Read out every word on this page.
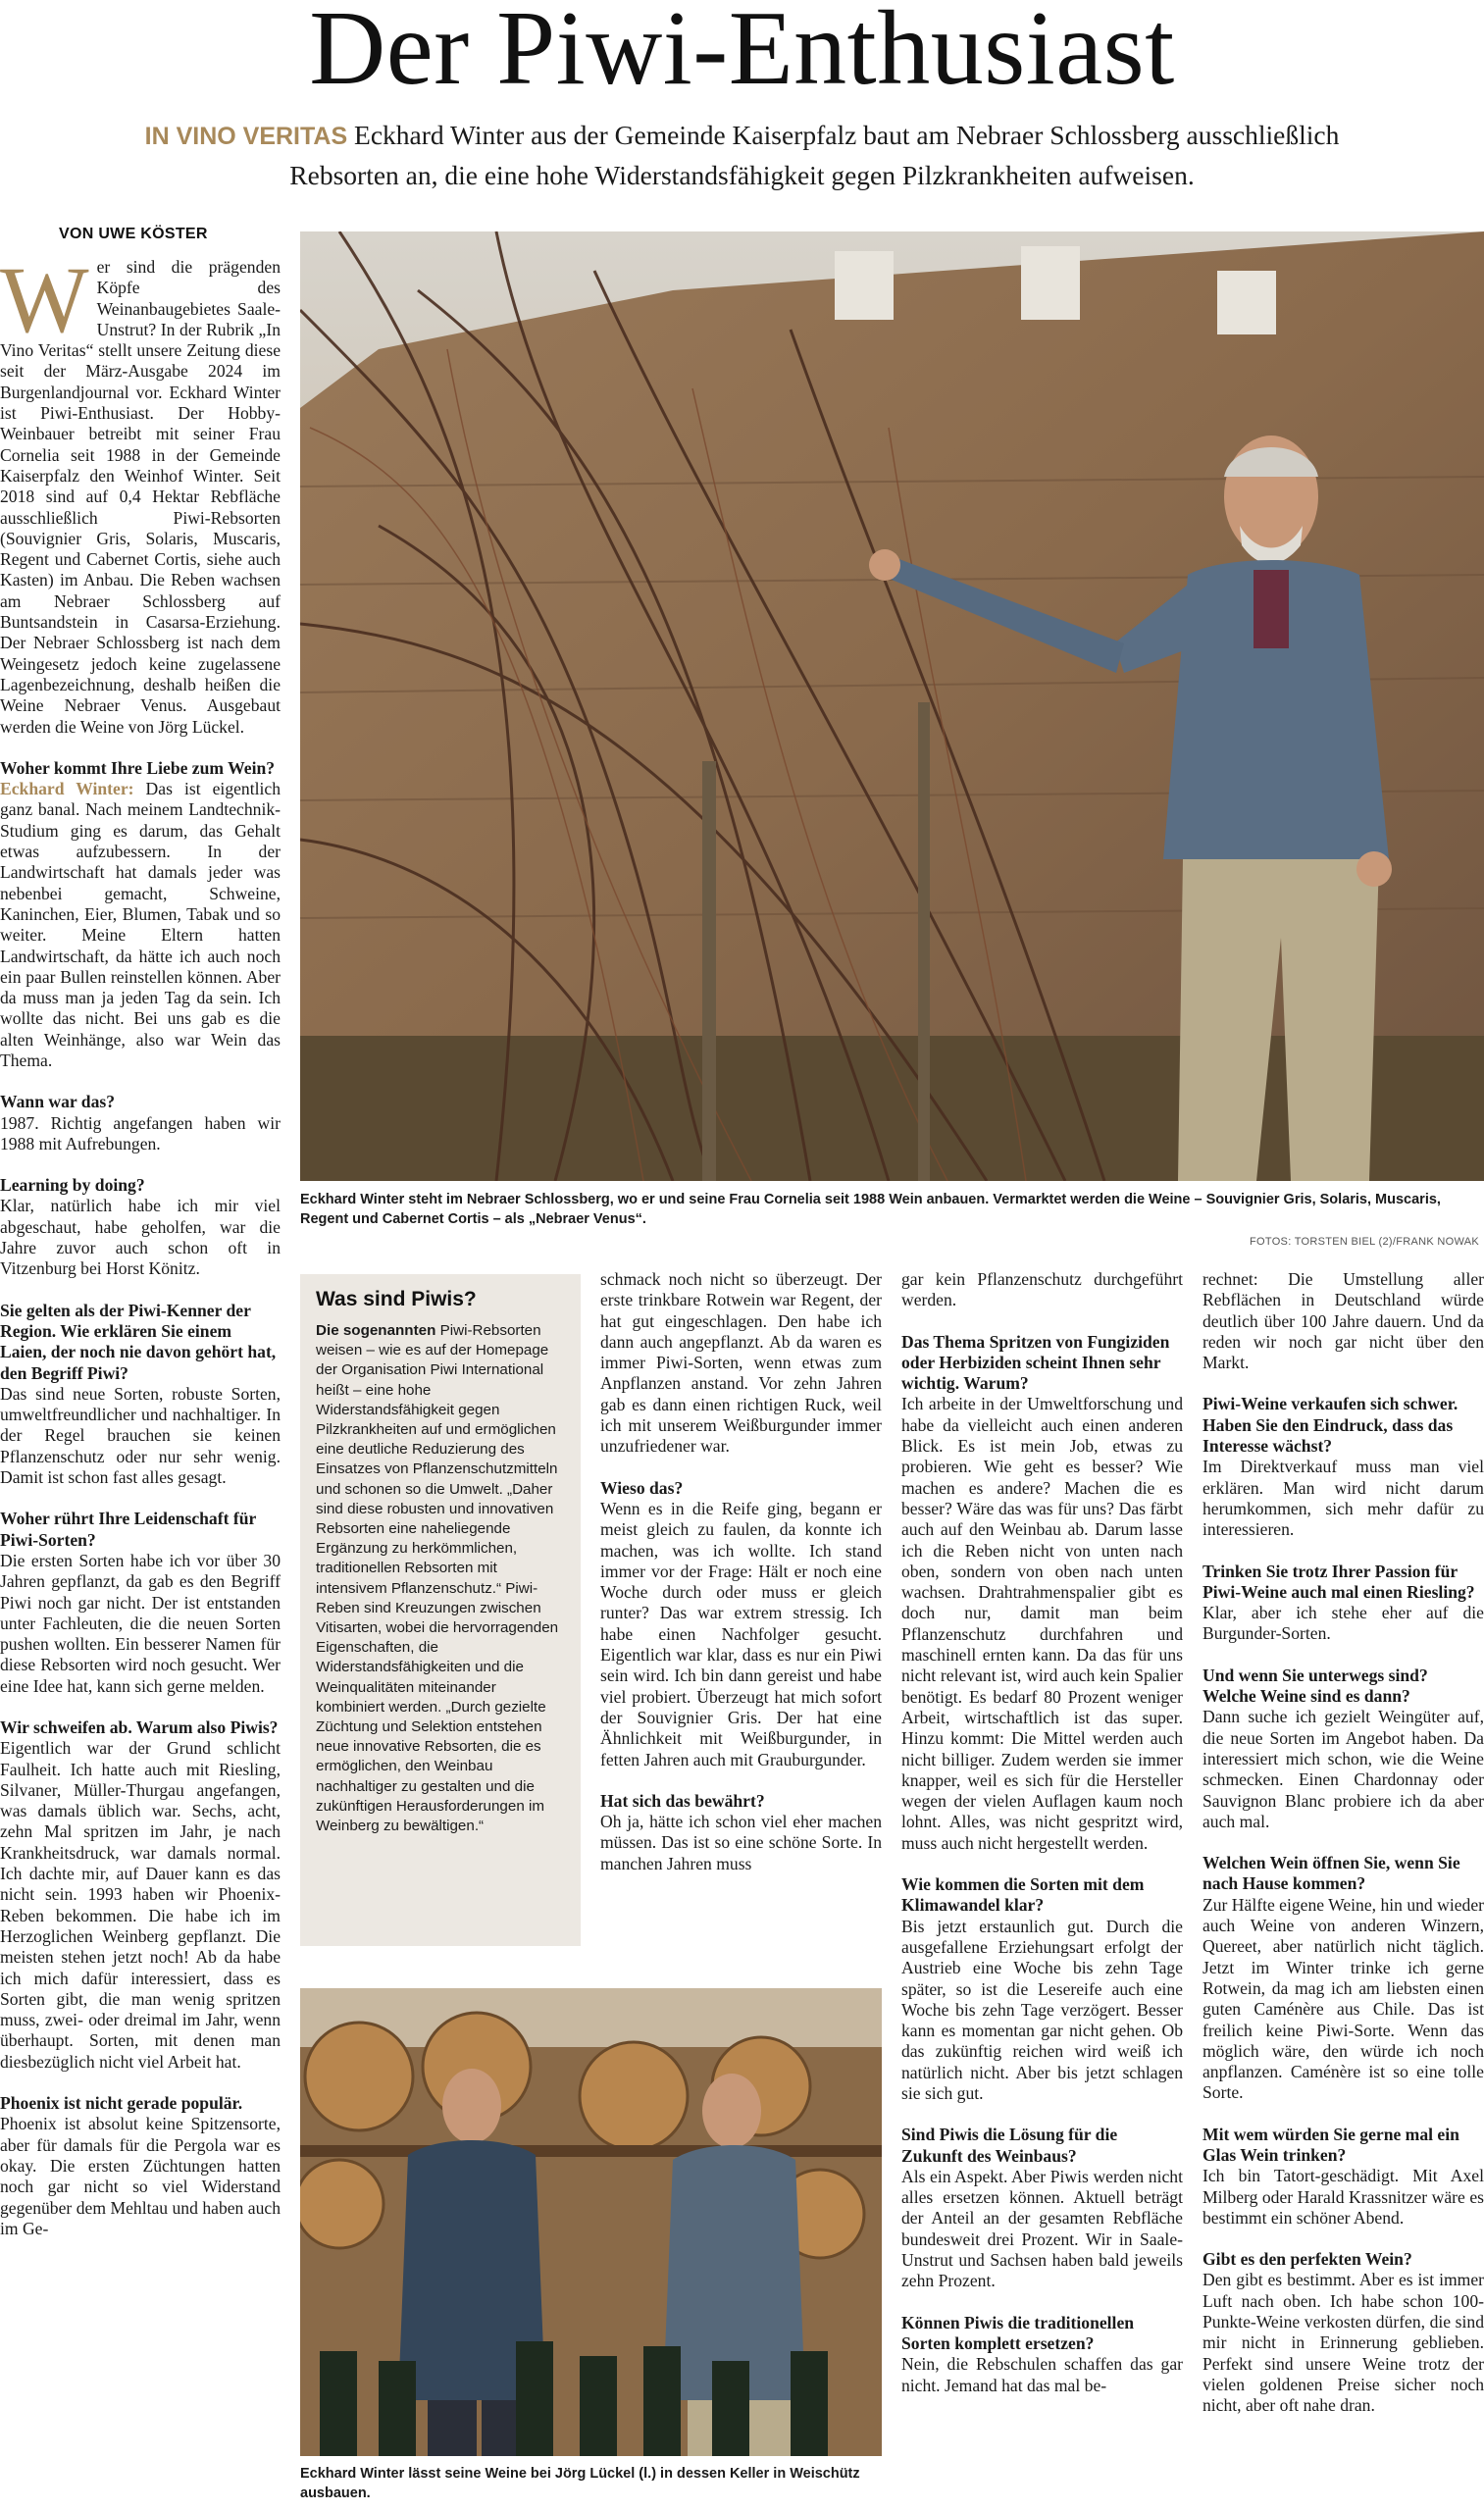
Der Piwi-Enthusiast
IN VINO VERITAS Eckhard Winter aus der Gemeinde Kaiserpfalz baut am Nebraer Schlossberg ausschließlich Rebsorten an, die eine hohe Widerstandsfähigkeit gegen Pilzkrankheiten aufweisen.
VON UWE KÖSTER

Wer sind die prägenden Köpfe des Weinanbaugebietes Saale-Unstrut? In der Rubrik „In Vino Veritas“ stellt unsere Zeitung diese seit der März-Ausgabe 2024 im Burgenlandjournal vor. Eckhard Winter ist Piwi-Enthusiast. Der Hobby-Weinbauer betreibt mit seiner Frau Cornelia seit 1988 in der Gemeinde Kaiserpfalz den Weinhof Winter. Seit 2018 sind auf 0,4 Hektar Rebfläche ausschließlich Piwi-Rebsorten (Souvignier Gris, Solaris, Muscaris, Regent und Cabernet Cortis, siehe auch Kasten) im Anbau. Die Reben wachsen am Nebraer Schlossberg auf Buntsandstein in Casarsa-Erziehung. Der Nebraer Schlossberg ist nach dem Weingesetz jedoch keine zugelassene Lagenbezeichnung, deshalb heißen die Weine Nebraer Venus. Ausgebaut werden die Weine von Jörg Lückel.

Woher kommt Ihre Liebe zum Wein?

Eckhard Winter: Das ist eigentlich ganz banal. Nach meinem Landtechnik-Studium ging es darum, das Gehalt etwas aufzubessern. In der Landwirtschaft hat damals jeder was nebenbei gemacht, Schweine, Kaninchen, Eier, Blumen, Tabak und so weiter. Meine Eltern hatten Landwirtschaft, da hätte ich auch noch ein paar Bullen reinstellen können. Aber da muss man ja jeden Tag da sein. Ich wollte das nicht. Bei uns gab es die alten Weinhänge, also war Wein das Thema.

Wann war das?

1987. Richtig angefangen haben wir 1988 mit Aufrebungen.

Learning by doing?

Klar, natürlich habe ich mir viel abgeschaut, habe geholfen, war die Jahre zuvor auch schon oft in Vitzenburg bei Horst Könitz.

Sie gelten als der Piwi-Kenner der Region. Wie erklären Sie einem Laien, der noch nie davon gehört hat, den Begriff Piwi?

Das sind neue Sorten, robuste Sorten, umweltfreundlicher und nachhaltiger. In der Regel brauchen sie keinen Pflanzenschutz oder nur sehr wenig. Damit ist schon fast alles gesagt.

Woher rührt Ihre Leidenschaft für Piwi-Sorten?

Die ersten Sorten habe ich vor über 30 Jahren gepflanzt, da gab es den Begriff Piwi noch gar nicht. Der ist entstanden unter Fachleuten, die die neuen Sorten pushen wollten. Ein besserer Namen für diese Rebsorten wird noch gesucht. Wer eine Idee hat, kann sich gerne melden.

Wir schweifen ab. Warum also Piwis?

Eigentlich war der Grund schlicht Faulheit. Ich hatte auch mit Riesling, Silvaner, Müller-Thurgau angefangen, was damals üblich war. Sechs, acht, zehn Mal spritzen im Jahr, je nach Krankheitsdruck, war damals normal. Ich dachte mir, auf Dauer kann es das nicht sein. 1993 haben wir Phoenix-Reben bekommen. Die habe ich im Herzoglichen Weinberg gepflanzt. Die meisten stehen jetzt noch! Ab da habe ich mich dafür interessiert, dass es Sorten gibt, die man wenig spritzen muss, zwei- oder dreimal im Jahr, wenn überhaupt. Sorten, mit denen man diesbezüglich nicht viel Arbeit hat.

Phoenix ist nicht gerade populär.

Phoenix ist absolut keine Spitzensorte, aber für damals für die Pergola war es okay. Die ersten Züchtungen hatten noch gar nicht so viel Widerstand gegenüber dem Mehltau und haben auch im Ge-

Eckhard Winter steht im Nebraer Schlossberg, wo er und seine Frau Cornelia seit 1988 Wein anbauen. Vermarktet werden die Weine – Souvignier Gris, Solaris, Muscaris, Regent und Cabernet Cortis – als „Nebraer Venus“.
FOTOS: TORSTEN BIEL (2)/FRANK NOWAK
Was sind Piwis?

Die sogenannten Piwi-Rebsorten weisen – wie es auf der Homepage der Organisation Piwi International heißt – eine hohe Widerstandsfähigkeit gegen Pilzkrankheiten auf und ermöglichen eine deutliche Reduzierung des Einsatzes von Pflanzenschutzmitteln und schonen so die Umwelt. „Daher sind diese robusten und innovativen Rebsorten eine naheliegende Ergänzung zu herkömmlichen, traditionellen Rebsorten mit intensivem Pflanzenschutz.“ Piwi-Reben sind Kreuzungen zwischen Vitisarten, wobei die hervorragenden Eigenschaften, die Widerstandsfähigkeiten und die Weinqualitäten miteinander kombiniert werden. „Durch gezielte Züchtung und Selektion entstehen neue innovative Rebsorten, die es ermöglichen, den Weinbau nachhaltiger zu gestalten und die zukünftigen Herausforderungen im Weinberg zu bewältigen.“

schmack noch nicht so überzeugt. Der erste trinkbare Rotwein war Regent, der hat gut eingeschlagen. Den habe ich dann auch angepflanzt. Ab da waren es immer Piwi-Sorten, wenn etwas zum Anpflanzen anstand. Vor zehn Jahren gab es dann einen richtigen Ruck, weil ich mit unserem Weißburgunder immer unzufriedener war.

Wieso das?

Wenn es in die Reife ging, begann er meist gleich zu faulen, da konnte ich machen, was ich wollte. Ich stand immer vor der Frage: Hält er noch eine Woche durch oder muss er gleich runter? Das war extrem stressig. Ich habe einen Nachfolger gesucht. Eigentlich war klar, dass es nur ein Piwi sein wird. Ich bin dann gereist und habe viel probiert. Überzeugt hat mich sofort der Souvignier Gris. Der hat eine Ähnlichkeit mit Weißburgunder, in fetten Jahren auch mit Grauburgunder.

Hat sich das bewährt?

Oh ja, hätte ich schon viel eher machen müssen. Das ist so eine schöne Sorte. In manchen Jahren muss

Eckhard Winter lässt seine Weine bei Jörg Lückel (l.) in dessen Keller in Weischütz ausbauen.

gar kein Pflanzenschutz durchgeführt werden.

Das Thema Spritzen von Fungiziden oder Herbiziden scheint Ihnen sehr wichtig. Warum?

Ich arbeite in der Umweltforschung und habe da vielleicht auch einen anderen Blick. Es ist mein Job, etwas zu probieren. Wie geht es besser? Wie machen es andere? Machen die es besser? Wäre das was für uns? Das färbt auch auf den Weinbau ab. Darum lasse ich die Reben nicht von unten nach oben, sondern von oben nach unten wachsen. Drahtrahmenspalier gibt es doch nur, damit man beim Pflanzenschutz durchfahren und maschinell ernten kann. Da das für uns nicht relevant ist, wird auch kein Spalier benötigt. Es bedarf 80 Prozent weniger Arbeit, wirtschaftlich ist das super. Hinzu kommt: Die Mittel werden auch nicht billiger. Zudem werden sie immer knapper, weil es sich für die Hersteller wegen der vielen Auflagen kaum noch lohnt. Alles, was nicht gespritzt wird, muss auch nicht hergestellt werden.

Wie kommen die Sorten mit dem Klimawandel klar?

Bis jetzt erstaunlich gut. Durch die ausgefallene Erziehungsart erfolgt der Austrieb eine Woche bis zehn Tage später, so ist die Lesereife auch eine Woche bis zehn Tage verzögert. Besser kann es momentan gar nicht gehen. Ob das zukünftig reichen wird weiß ich natürlich nicht. Aber bis jetzt schlagen sie sich gut.

Sind Piwis die Lösung für die Zukunft des Weinbaus?

Als ein Aspekt. Aber Piwis werden nicht alles ersetzen können. Aktuell beträgt der Anteil an der gesamten Rebfläche bundesweit drei Prozent. Wir in Saale-Unstrut und Sachsen haben bald jeweils zehn Prozent.

Können Piwis die traditionellen Sorten komplett ersetzen?

Nein, die Rebschulen schaffen das gar nicht. Jemand hat das mal be-

rechnet: Die Umstellung aller Rebflächen in Deutschland würde deutlich über 100 Jahre dauern. Und da reden wir noch gar nicht über den Markt.

Piwi-Weine verkaufen sich schwer. Haben Sie den Eindruck, dass das Interesse wächst?

Im Direktverkauf muss man viel erklären. Man wird nicht darum herumkommen, sich mehr dafür zu interessieren.

Trinken Sie trotz Ihrer Passion für Piwi-Weine auch mal einen Riesling?

Klar, aber ich stehe eher auf die Burgunder-Sorten.

Und wenn Sie unterwegs sind? Welche Weine sind es dann?

Dann suche ich gezielt Weingüter auf, die neue Sorten im Angebot haben. Da interessiert mich schon, wie die Weine schmecken. Einen Chardonnay oder Sauvignon Blanc probiere ich da aber auch mal.

Welchen Wein öffnen Sie, wenn Sie nach Hause kommen?

Zur Hälfte eigene Weine, hin und wieder auch Weine von anderen Winzern, Quereet, aber natürlich nicht täglich. Jetzt im Winter trinke ich gerne Rotwein, da mag ich am liebsten einen guten Caménère aus Chile. Das ist freilich keine Piwi-Sorte. Wenn das möglich wäre, den würde ich noch anpflanzen. Caménère ist so eine tolle Sorte.

Mit wem würden Sie gerne mal ein Glas Wein trinken?

Ich bin Tatort-geschädigt. Mit Axel Milberg oder Harald Krassnitzer wäre es bestimmt ein schöner Abend.

Gibt es den perfekten Wein?

Den gibt es bestimmt. Aber es ist immer Luft nach oben. Ich habe schon 100-Punkte-Weine verkosten dürfen, die sind mir nicht in Erinnerung geblieben. Perfekt sind unsere Weine trotz der vielen goldenen Preise sicher noch nicht, aber oft nahe dran.
